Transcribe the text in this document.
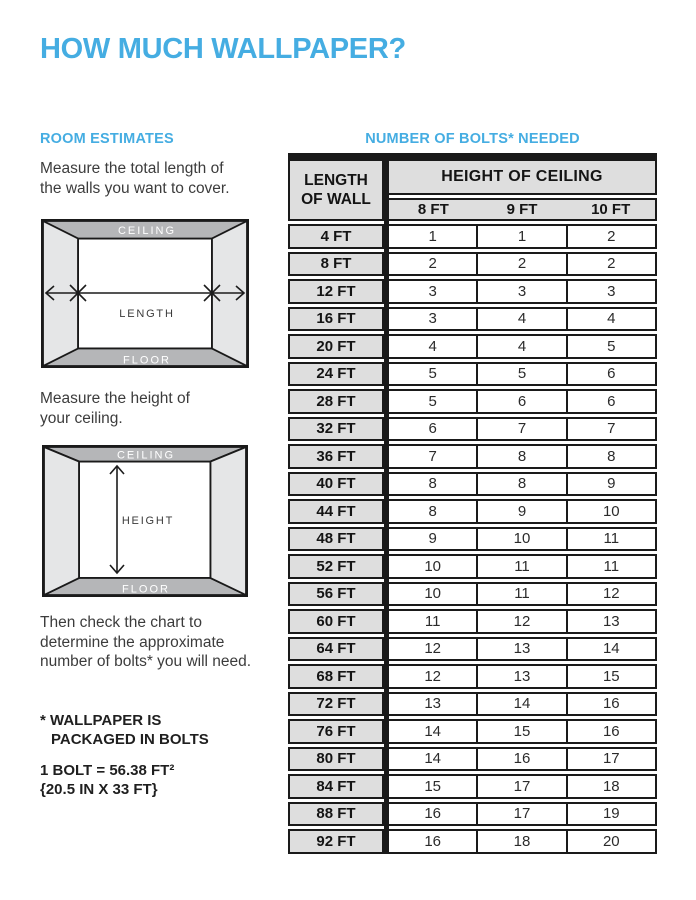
HOW MUCH WALLPAPER?
ROOM ESTIMATES	NUMBER OF BOLTS* NEEDED

Measure the total length of
the walls you want to cover.

CEILING
FLOOR
LENGTH

Measure the height of
your ceiling.

CEILING
FLOOR
HEIGHT

Then check the chart to
determine the approximate
number of bolts* you will need.

* WALLPAPER IS
PACKAGED IN BOLTS
1 BOLT = 56.38 FT²
{20.5 IN X 33 FT}
LENGTH
OF WALL
HEIGHT OF CEILING
8 FT	9 FT	10 FT
4 FT	1	1	2
8 FT	2	2	2
12 FT	3	3	3
16 FT	3	4	4
20 FT	4	4	5
24 FT	5	5	6
28 FT	5	6	6
32 FT	6	7	7
36 FT	7	8	8
40 FT	8	8	9
44 FT	8	9	10
48 FT	9	10	11
52 FT	10	11	11
56 FT	10	11	12
60 FT	11	12	13
64 FT	12	13	14
68 FT	12	13	15
72 FT	13	14	16
76 FT	14	15	16
80 FT	14	16	17
84 FT	15	17	18
88 FT	16	17	19
92 FT	16	18	20
